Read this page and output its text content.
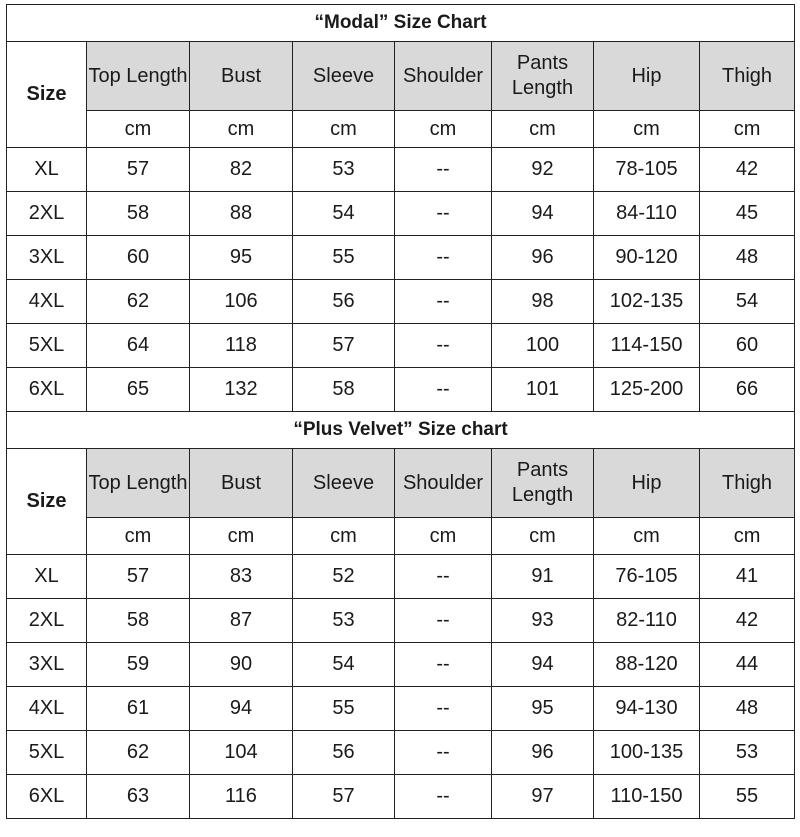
“Modal” Size Chart							
Size	Top Length	Bust	Sleeve	Shoulder	Pants Length	Hip	Thigh
	cm	cm	cm	cm	cm	cm	cm
XL	57	82	53	--	92	78-105	42
2XL	58	88	54	--	94	84-110	45
3XL	60	95	55	--	96	90-120	48
4XL	62	106	56	--	98	102-135	54
5XL	64	118	57	--	100	114-150	60
6XL	65	132	58	--	101	125-200	66
“Plus Velvet” Size chart							
Size	Top Length	Bust	Sleeve	Shoulder	Pants Length	Hip	Thigh
	cm	cm	cm	cm	cm	cm	cm
XL	57	83	52	--	91	76-105	41
2XL	58	87	53	--	93	82-110	42
3XL	59	90	54	--	94	88-120	44
4XL	61	94	55	--	95	94-130	48
5XL	62	104	56	--	96	100-135	53
6XL	63	116	57	--	97	110-150	55
